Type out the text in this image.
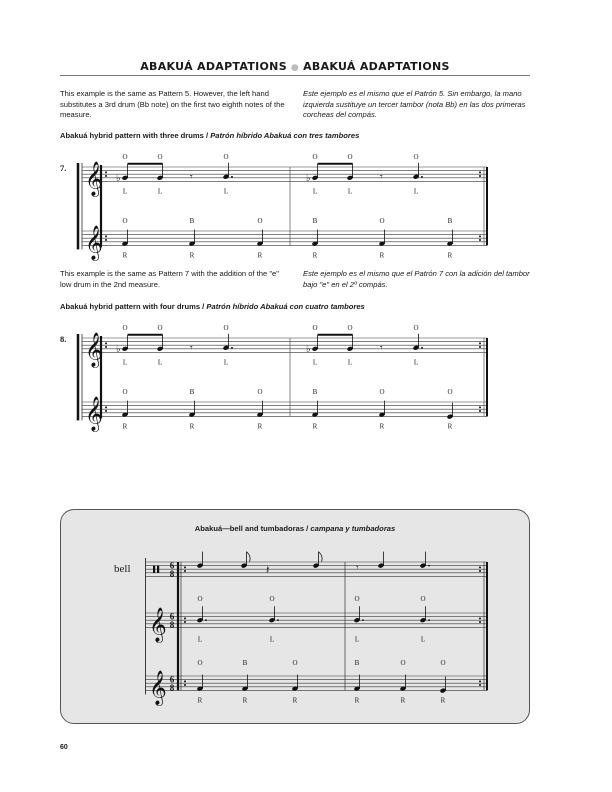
ABAKUÁ ADAPTATIONS ● ABAKUÁ ADAPTATIONS
This example is the same as Pattern 5. However, the left hand substitutes a 3rd drum (Bb note) on the first two eighth notes of the measure.
Este ejemplo es el mismo que el Patrón 5. Sin embargo, la mano izquierda sustituye un tercer tambor (nota Bb) en las dos primeras corcheas del compás.
Abakuá hybrid pattern with three drums / Patrón híbrido Abakuá con tres tambores
7. 𝄞
𝄞
♭	♭
𝄾	𝄾
O
L
O
L
O
L
O
L
O
L
O
L
O
R
B
R
O
R
B
R
O
R
B
R
This example is the same as Pattern 7 with the addition of the "e" low drum in the 2nd measure.
Este ejemplo es el mismo que el Patrón 7 con la adición del tambor bajo "e" en el 2º compás.
Abakuá hybrid pattern with four drums / Patrón híbrido Abakuá con cuatro tambores
8. 𝄞
𝄞
♭	♭
𝄾	𝄾
O
L
O
L
O
L
O
L
O
L
O
L
O
R
B
R
O
R
B
R
O
R
O
R
Abakuá—bell and tumbadoras / campana y tumbadoras
bell
𝄞
𝄞
6
8
6
8
6
8
𝄽	𝄾
O
L
O
L
O
L
O
L
O
R
B
R
O
R
B
R
O
R
O
R
60
